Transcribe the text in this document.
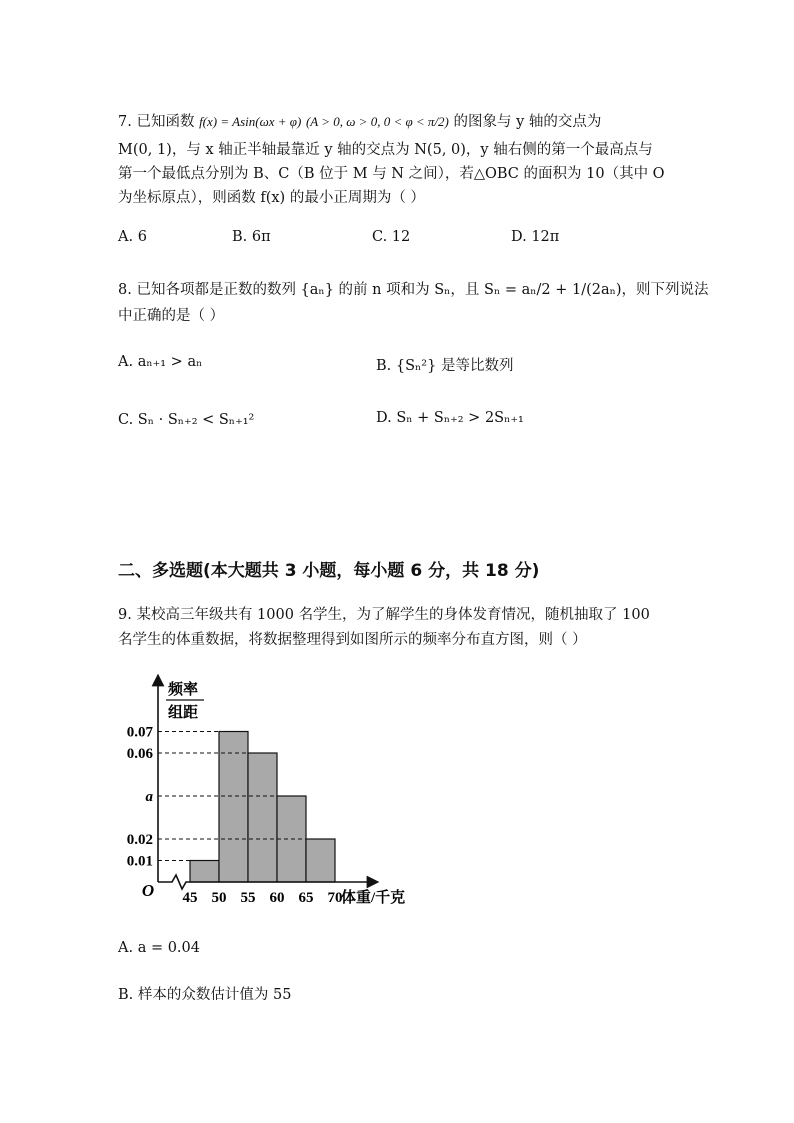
7. 已知函数 f(x) = Asin(ωx + φ) (A > 0, ω > 0, 0 < φ < π/2) 的图象与 y 轴的交点为
M(0, 1)，与 x 轴正半轴最靠近 y 轴的交点为 N(5, 0)，y 轴右侧的第一个最高点与
第一个最低点分别为 B、C（B 位于 M 与 N 之间），若△OBC 的面积为 10（其中 O
为坐标原点），则函数 f(x) 的最小正周期为（ ）
A. 6	B. 6π	C. 12	D. 12π
8. 已知各项都是正数的数列 {aₙ} 的前 n 项和为 Sₙ，且 Sₙ = aₙ/2 + 1/(2aₙ)，则下列说法
中正确的是（ ）
A. aₙ₊₁ > aₙ	B. {Sₙ²} 是等比数列
C. Sₙ · Sₙ₊₂ < Sₙ₊₁²	D. Sₙ + Sₙ₊₂ > 2Sₙ₊₁
二、多选题(本大题共 3 小题，每小题 6 分，共 18 分)
9. 某校高三年级共有 1000 名学生，为了解学生的身体发育情况，随机抽取了 100
名学生的体重数据，将数据整理得到如图所示的频率分布直方图，则（ ）
0.07
0.06
a
0.02
0.01
45 50 55 60 65 70
O	体重/千克
频率
组距
A. a = 0.04
B. 样本的众数估计值为 55
